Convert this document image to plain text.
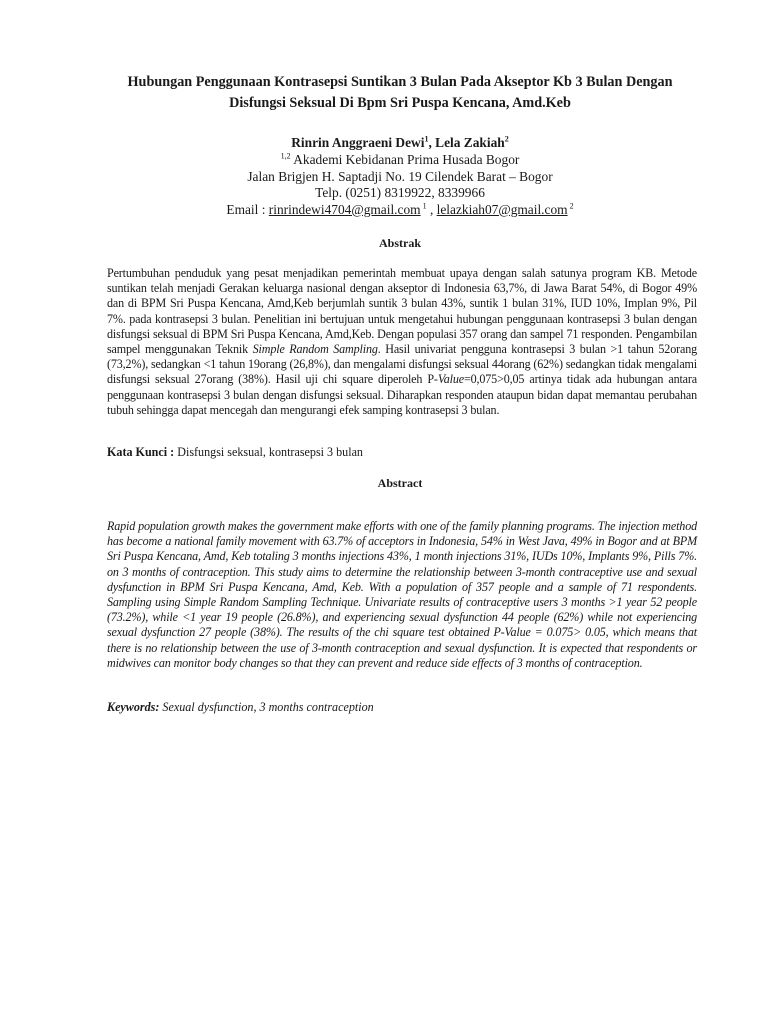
Hubungan Penggunaan Kontrasepsi Suntikan 3 Bulan Pada Akseptor Kb 3 Bulan Dengan
Disfungsi Seksual Di Bpm Sri Puspa Kencana, Amd.Keb
Rinrin Anggraeni Dewi$^1$, Lela Zakiah$^2$
$^{1,2}$ Akademi Kebidanan Prima Husada Bogor
Jalan Brigjen H. Saptadji No. 19 Cilendek Barat – Bogor
Telp. (0251) 8319922, 8339966
Email : rinrindewi4704@gmail.com $^1$ , lelazkiah07@gmail.com $^2$
Abstrak
Pertumbuhan penduduk yang pesat menjadikan pemerintah membuat upaya dengan salah satunya program KB. Metode suntikan telah menjadi Gerakan keluarga nasional dengan akseptor di Indonesia 63,7%, di Jawa Barat 54%, di Bogor 49% dan di BPM Sri Puspa Kencana, Amd,Keb berjumlah suntik 3 bulan 43%, suntik 1 bulan 31%, IUD 10%, Implan 9%, Pil 7%. pada kontrasepsi 3 bulan. Penelitian ini bertujuan untuk mengetahui hubungan penggunaan kontrasepsi 3 bulan dengan disfungsi seksual di BPM Sri Puspa Kencana, Amd,Keb. Dengan populasi 357 orang dan sampel 71 responden. Pengambilan sampel menggunakan Teknik Simple Random Sampling. Hasil univariat pengguna kontrasepsi 3 bulan >1 tahun 52orang (73,2%), sedangkan <1 tahun 19orang (26,8%), dan mengalami disfungsi seksual 44orang (62%) sedangkan tidak mengalami disfungsi seksual 27orang (38%). Hasil uji chi square diperoleh P-Value=0,075>0,05 artinya tidak ada hubungan antara penggunaan kontrasepsi 3 bulan dengan disfungsi seksual. Diharapkan responden ataupun bidan dapat memantau perubahan tubuh sehingga dapat mencegah dan mengurangi efek samping kontrasepsi 3 bulan.
Kata Kunci : Disfungsi seksual, kontrasepsi 3 bulan
Abstract
Rapid population growth makes the government make efforts with one of the family planning programs. The injection method has become a national family movement with 63.7% of acceptors in Indonesia, 54% in West Java, 49% in Bogor and at BPM Sri Puspa Kencana, Amd, Keb totaling 3 months injections 43%, 1 month injections 31%, IUDs 10%, Implants 9%, Pills 7%. on 3 months of contraception. This study aims to determine the relationship between 3-month contraceptive use and sexual dysfunction in BPM Sri Puspa Kencana, Amd, Keb. With a population of 357 people and a sample of 71 respondents. Sampling using Simple Random Sampling Technique. Univariate results of contraceptive users 3 months >1 year 52 people (73.2%), while <1 year 19 people (26.8%), and experiencing sexual dysfunction 44 people (62%) while not experiencing sexual dysfunction 27 people (38%). The results of the chi square test obtained P-Value = 0.075> 0.05, which means that there is no relationship between the use of 3-month contraception and sexual dysfunction. It is expected that respondents or midwives can monitor body changes so that they can prevent and reduce side effects of 3 months of contraception.
Keywords: Sexual dysfunction, 3 months contraception
